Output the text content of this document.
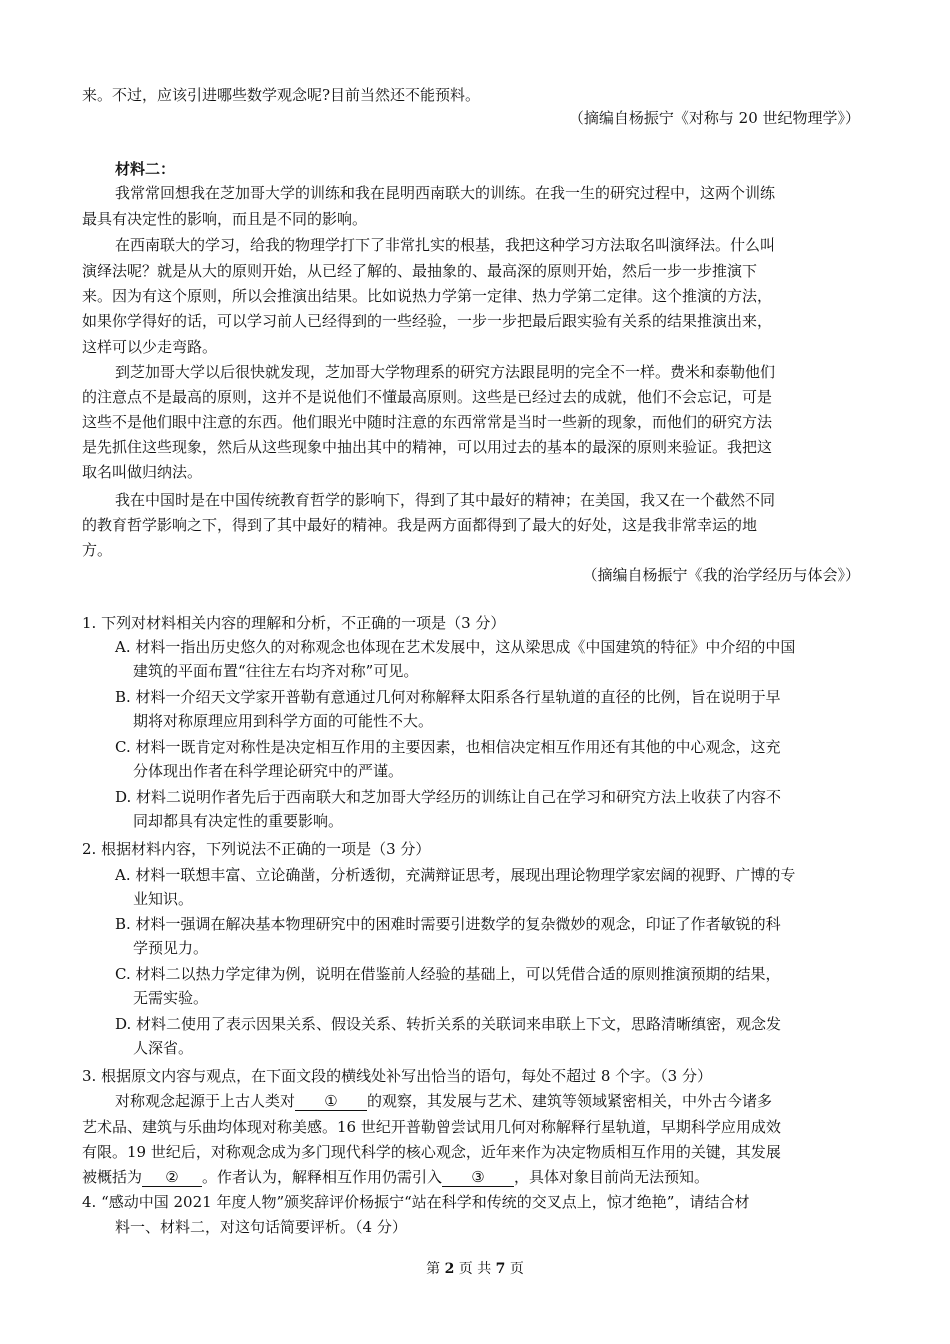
来。不过，应该引进哪些数学观念呢?目前当然还不能预料。
（摘编自杨振宁《对称与 20 世纪物理学》）
材料二：
我常常回想我在芝加哥大学的训练和我在昆明西南联大的训练。在我一生的研究过程中，这两个训练
最具有决定性的影响，而且是不同的影响。
在西南联大的学习，给我的物理学打下了非常扎实的根基，我把这种学习方法取名叫演绎法。什么叫
演绎法呢？就是从大的原则开始，从已经了解的、最抽象的、最高深的原则开始，然后一步一步推演下
来。因为有这个原则，所以会推演出结果。比如说热力学第一定律、热力学第二定律。这个推演的方法，
如果你学得好的话，可以学习前人已经得到的一些经验，一步一步把最后跟实验有关系的结果推演出来，
这样可以少走弯路。
到芝加哥大学以后很快就发现，芝加哥大学物理系的研究方法跟昆明的完全不一样。费米和泰勒他们
的注意点不是最高的原则，这并不是说他们不懂最高原则。这些是已经过去的成就，他们不会忘记，可是
这些不是他们眼中注意的东西。他们眼光中随时注意的东西常常是当时一些新的现象，而他们的研究方法
是先抓住这些现象，然后从这些现象中抽出其中的精神，可以用过去的基本的最深的原则来验证。我把这
取名叫做归纳法。
我在中国时是在中国传统教育哲学的影响下，得到了其中最好的精神；在美国，我又在一个截然不同
的教育哲学影响之下，得到了其中最好的精神。我是两方面都得到了最大的好处，这是我非常幸运的地
方。
（摘编自杨振宁《我的治学经历与体会》）
1. 下列对材料相关内容的理解和分析，不正确的一项是（3 分）
A. 材料一指出历史悠久的对称观念也体现在艺术发展中，这从梁思成《中国建筑的特征》中介绍的中国
建筑的平面布置“往往左右均齐对称”可见。
B. 材料一介绍天文学家开普勒有意通过几何对称解释太阳系各行星轨道的直径的比例，旨在说明于早
期将对称原理应用到科学方面的可能性不大。
C. 材料一既肯定对称性是决定相互作用的主要因素，也相信决定相互作用还有其他的中心观念，这充
分体现出作者在科学理论研究中的严谨。
D. 材料二说明作者先后于西南联大和芝加哥大学经历的训练让自己在学习和研究方法上收获了内容不
同却都具有决定性的重要影响。
2. 根据材料内容，下列说法不正确的一项是（3 分）
A. 材料一联想丰富、立论确凿，分析透彻，充满辩证思考，展现出理论物理学家宏阔的视野、广博的专
业知识。
B. 材料一强调在解决基本物理研究中的困难时需要引进数学的复杂微妙的观念，印证了作者敏锐的科
学预见力。
C. 材料二以热力学定律为例，说明在借鉴前人经验的基础上，可以凭借合适的原则推演预期的结果，
无需实验。
D. 材料二使用了表示因果关系、假设关系、转折关系的关联词来串联上下文，思路清晰缜密，观念发
人深省。
3. 根据原文内容与观点，在下面文段的横线处补写出恰当的语句，每处不超过 8 个字。（3 分）
对称观念起源于上古人类对 ① 的观察，其发展与艺术、建筑等领域紧密相关，中外古今诸多
艺术品、建筑与乐曲均体现对称美感。16 世纪开普勒曾尝试用几何对称解释行星轨道，早期科学应用成效
有限。19 世纪后，对称观念成为多门现代科学的核心观念，近年来作为决定物质相互作用的关键，其发展
被概括为 ② 。作者认为，解释相互作用仍需引入 ③ ，具体对象目前尚无法预知。
4. “感动中国 2021 年度人物”颁奖辞评价杨振宁“站在科学和传统的交叉点上，惊才绝艳”，请结合材
料一、材料二，对这句话简要评析。（4 分）
第 2 页 共 7 页
